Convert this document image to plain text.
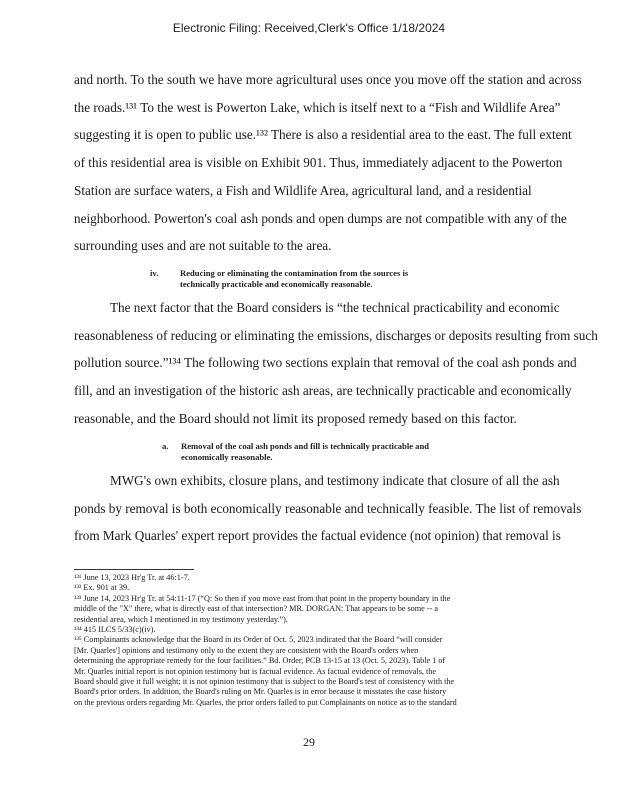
Electronic Filing: Received,Clerk's Office 1/18/2024
and north. To the south we have more agricultural uses once you move off the station and across
the roads.¹³¹ To the west is Powerton Lake, which is itself next to a “Fish and Wildlife Area”
suggesting it is open to public use.¹³² There is also a residential area to the east. The full extent
of this residential area is visible on Exhibit 901. Thus, immediately adjacent to the Powerton
Station are surface waters, a Fish and Wildlife Area, agricultural land, and a residential
neighborhood. Powerton's coal ash ponds and open dumps are not compatible with any of the
surrounding uses and are not suitable to the area.
iv.	Reducing or eliminating the contamination from the sources is
technically practicable and economically reasonable.
The next factor that the Board considers is “the technical practicability and economic
reasonableness of reducing or eliminating the emissions, discharges or deposits resulting from such
pollution source.”¹³⁴ The following two sections explain that removal of the coal ash ponds and
fill, and an investigation of the historic ash areas, are technically practicable and economically
reasonable, and the Board should not limit its proposed remedy based on this factor.
a. Removal of the coal ash ponds and fill is technically practicable and
economically reasonable.
MWG's own exhibits, closure plans, and testimony indicate that closure of all the ash
ponds by removal is both economically reasonable and technically feasible. The list of removals
from Mark Quarles' expert report provides the factual evidence (not opinion) that removal is

¹³¹ June 13, 2023 Hr'g Tr. at 46:1-7.

¹³² Ex. 901 at 39.

¹³³ June 14, 2023 Hr'g Tr. at 54:11-17 (“Q: So then if you move east from that point in the property boundary in the

middle of the "X" there, what is directly east of that intersection? MR. DORGAN: That appears to be some -- a

residential area, which I mentioned in my testimony yesterday.”).

¹³⁴ 415 ILCS 5/33(c)(iv).

¹³⁵ Complainants acknowledge that the Board in its Order of Oct. 5, 2023 indicated that the Board “will consider

[Mr. Quarles'] opinions and testimony only to the extent they are consistent with the Board's orders when

determining the appropriate remedy for the four facilities.” Bd. Order, PCB 13-15 at 13 (Oct. 5, 2023). Table 1 of

Mr. Quarles initial report is not opinion testimony but is factual evidence. As factual evidence of removals, the

Board should give it full weight; it is not opinion testimony that is subject to the Board's test of consistency with the

Board's prior orders. In addition, the Board's ruling on Mr. Quarles is in error because it misstates the case history

on the previous orders regarding Mr. Quarles, the prior orders failed to put Complainants on notice as to the standard

29
